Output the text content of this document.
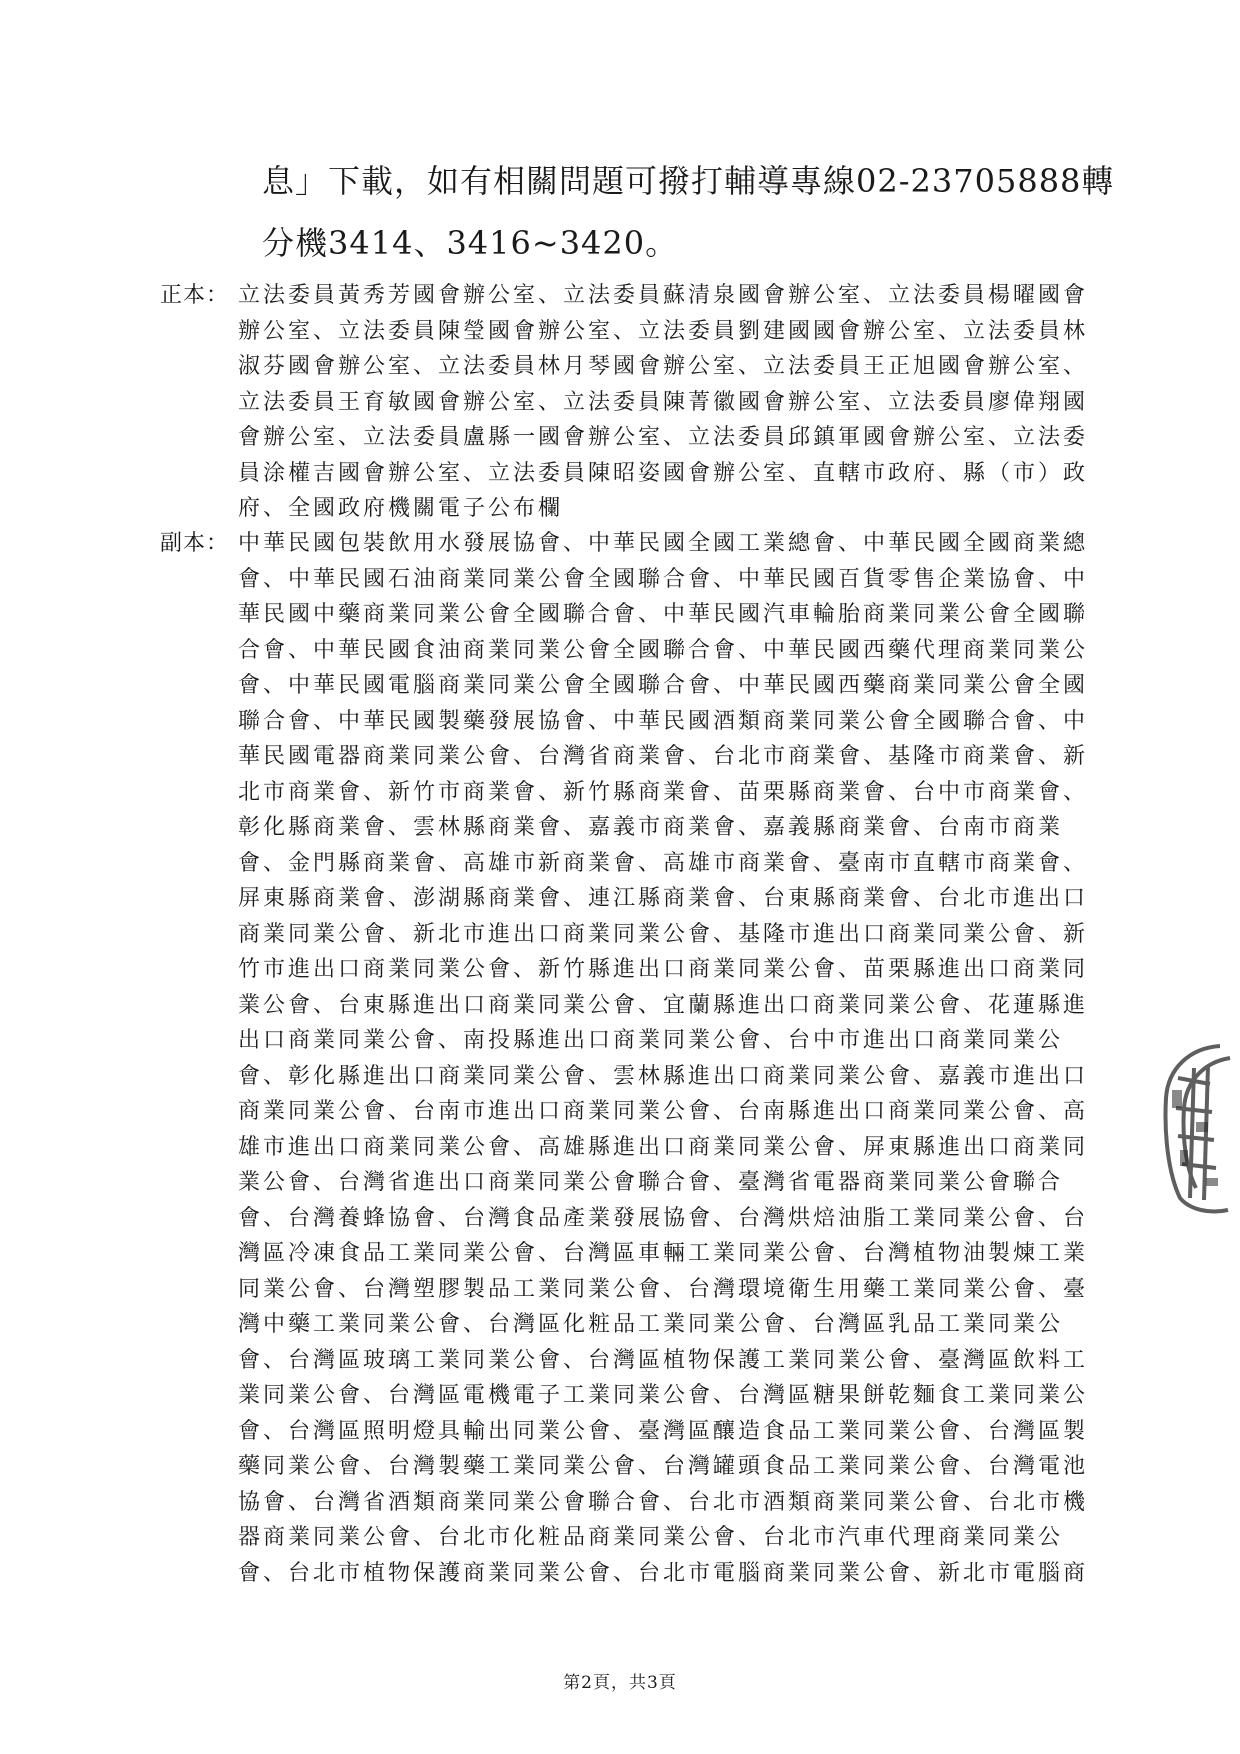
息」下載，如有相關問題可撥打輔導專線02-23705888轉
分機3414、3416~3420。
正本： 立法委員黃秀芳國會辦公室、立法委員蘇清泉國會辦公室、立法委員楊曜國會
辦公室、立法委員陳瑩國會辦公室、立法委員劉建國國會辦公室、立法委員林
淑芬國會辦公室、立法委員林月琴國會辦公室、立法委員王正旭國會辦公室、
立法委員王育敏國會辦公室、立法委員陳菁徽國會辦公室、立法委員廖偉翔國
會辦公室、立法委員盧縣一國會辦公室、立法委員邱鎮軍國會辦公室、立法委
員涂權吉國會辦公室、立法委員陳昭姿國會辦公室、直轄市政府、縣（市）政
府、全國政府機關電子公布欄
副本： 中華民國包裝飲用水發展協會、中華民國全國工業總會、中華民國全國商業總
會、中華民國石油商業同業公會全國聯合會、中華民國百貨零售企業協會、中
華民國中藥商業同業公會全國聯合會、中華民國汽車輪胎商業同業公會全國聯
合會、中華民國食油商業同業公會全國聯合會、中華民國西藥代理商業同業公
會、中華民國電腦商業同業公會全國聯合會、中華民國西藥商業同業公會全國
聯合會、中華民國製藥發展協會、中華民國酒類商業同業公會全國聯合會、中
華民國電器商業同業公會、台灣省商業會、台北市商業會、基隆市商業會、新
北市商業會、新竹市商業會、新竹縣商業會、苗栗縣商業會、台中市商業會、
彰化縣商業會、雲林縣商業會、嘉義市商業會、嘉義縣商業會、台南市商業
會、金門縣商業會、高雄市新商業會、高雄市商業會、臺南市直轄市商業會、
屏東縣商業會、澎湖縣商業會、連江縣商業會、台東縣商業會、台北市進出口
商業同業公會、新北市進出口商業同業公會、基隆市進出口商業同業公會、新
竹市進出口商業同業公會、新竹縣進出口商業同業公會、苗栗縣進出口商業同
業公會、台東縣進出口商業同業公會、宜蘭縣進出口商業同業公會、花蓮縣進
出口商業同業公會、南投縣進出口商業同業公會、台中市進出口商業同業公
會、彰化縣進出口商業同業公會、雲林縣進出口商業同業公會、嘉義市進出口
商業同業公會、台南市進出口商業同業公會、台南縣進出口商業同業公會、高
雄市進出口商業同業公會、高雄縣進出口商業同業公會、屏東縣進出口商業同
業公會、台灣省進出口商業同業公會聯合會、臺灣省電器商業同業公會聯合
會、台灣養蜂協會、台灣食品產業發展協會、台灣烘焙油脂工業同業公會、台
灣區冷凍食品工業同業公會、台灣區車輛工業同業公會、台灣植物油製煉工業
同業公會、台灣塑膠製品工業同業公會、台灣環境衛生用藥工業同業公會、臺
灣中藥工業同業公會、台灣區化粧品工業同業公會、台灣區乳品工業同業公
會、台灣區玻璃工業同業公會、台灣區植物保護工業同業公會、臺灣區飲料工
業同業公會、台灣區電機電子工業同業公會、台灣區糖果餅乾麵食工業同業公
會、台灣區照明燈具輸出同業公會、臺灣區釀造食品工業同業公會、台灣區製
藥同業公會、台灣製藥工業同業公會、台灣罐頭食品工業同業公會、台灣電池
協會、台灣省酒類商業同業公會聯合會、台北市酒類商業同業公會、台北市機
器商業同業公會、台北市化粧品商業同業公會、台北市汽車代理商業同業公
會、台北市植物保護商業同業公會、台北市電腦商業同業公會、新北市電腦商
第2頁，共3頁
